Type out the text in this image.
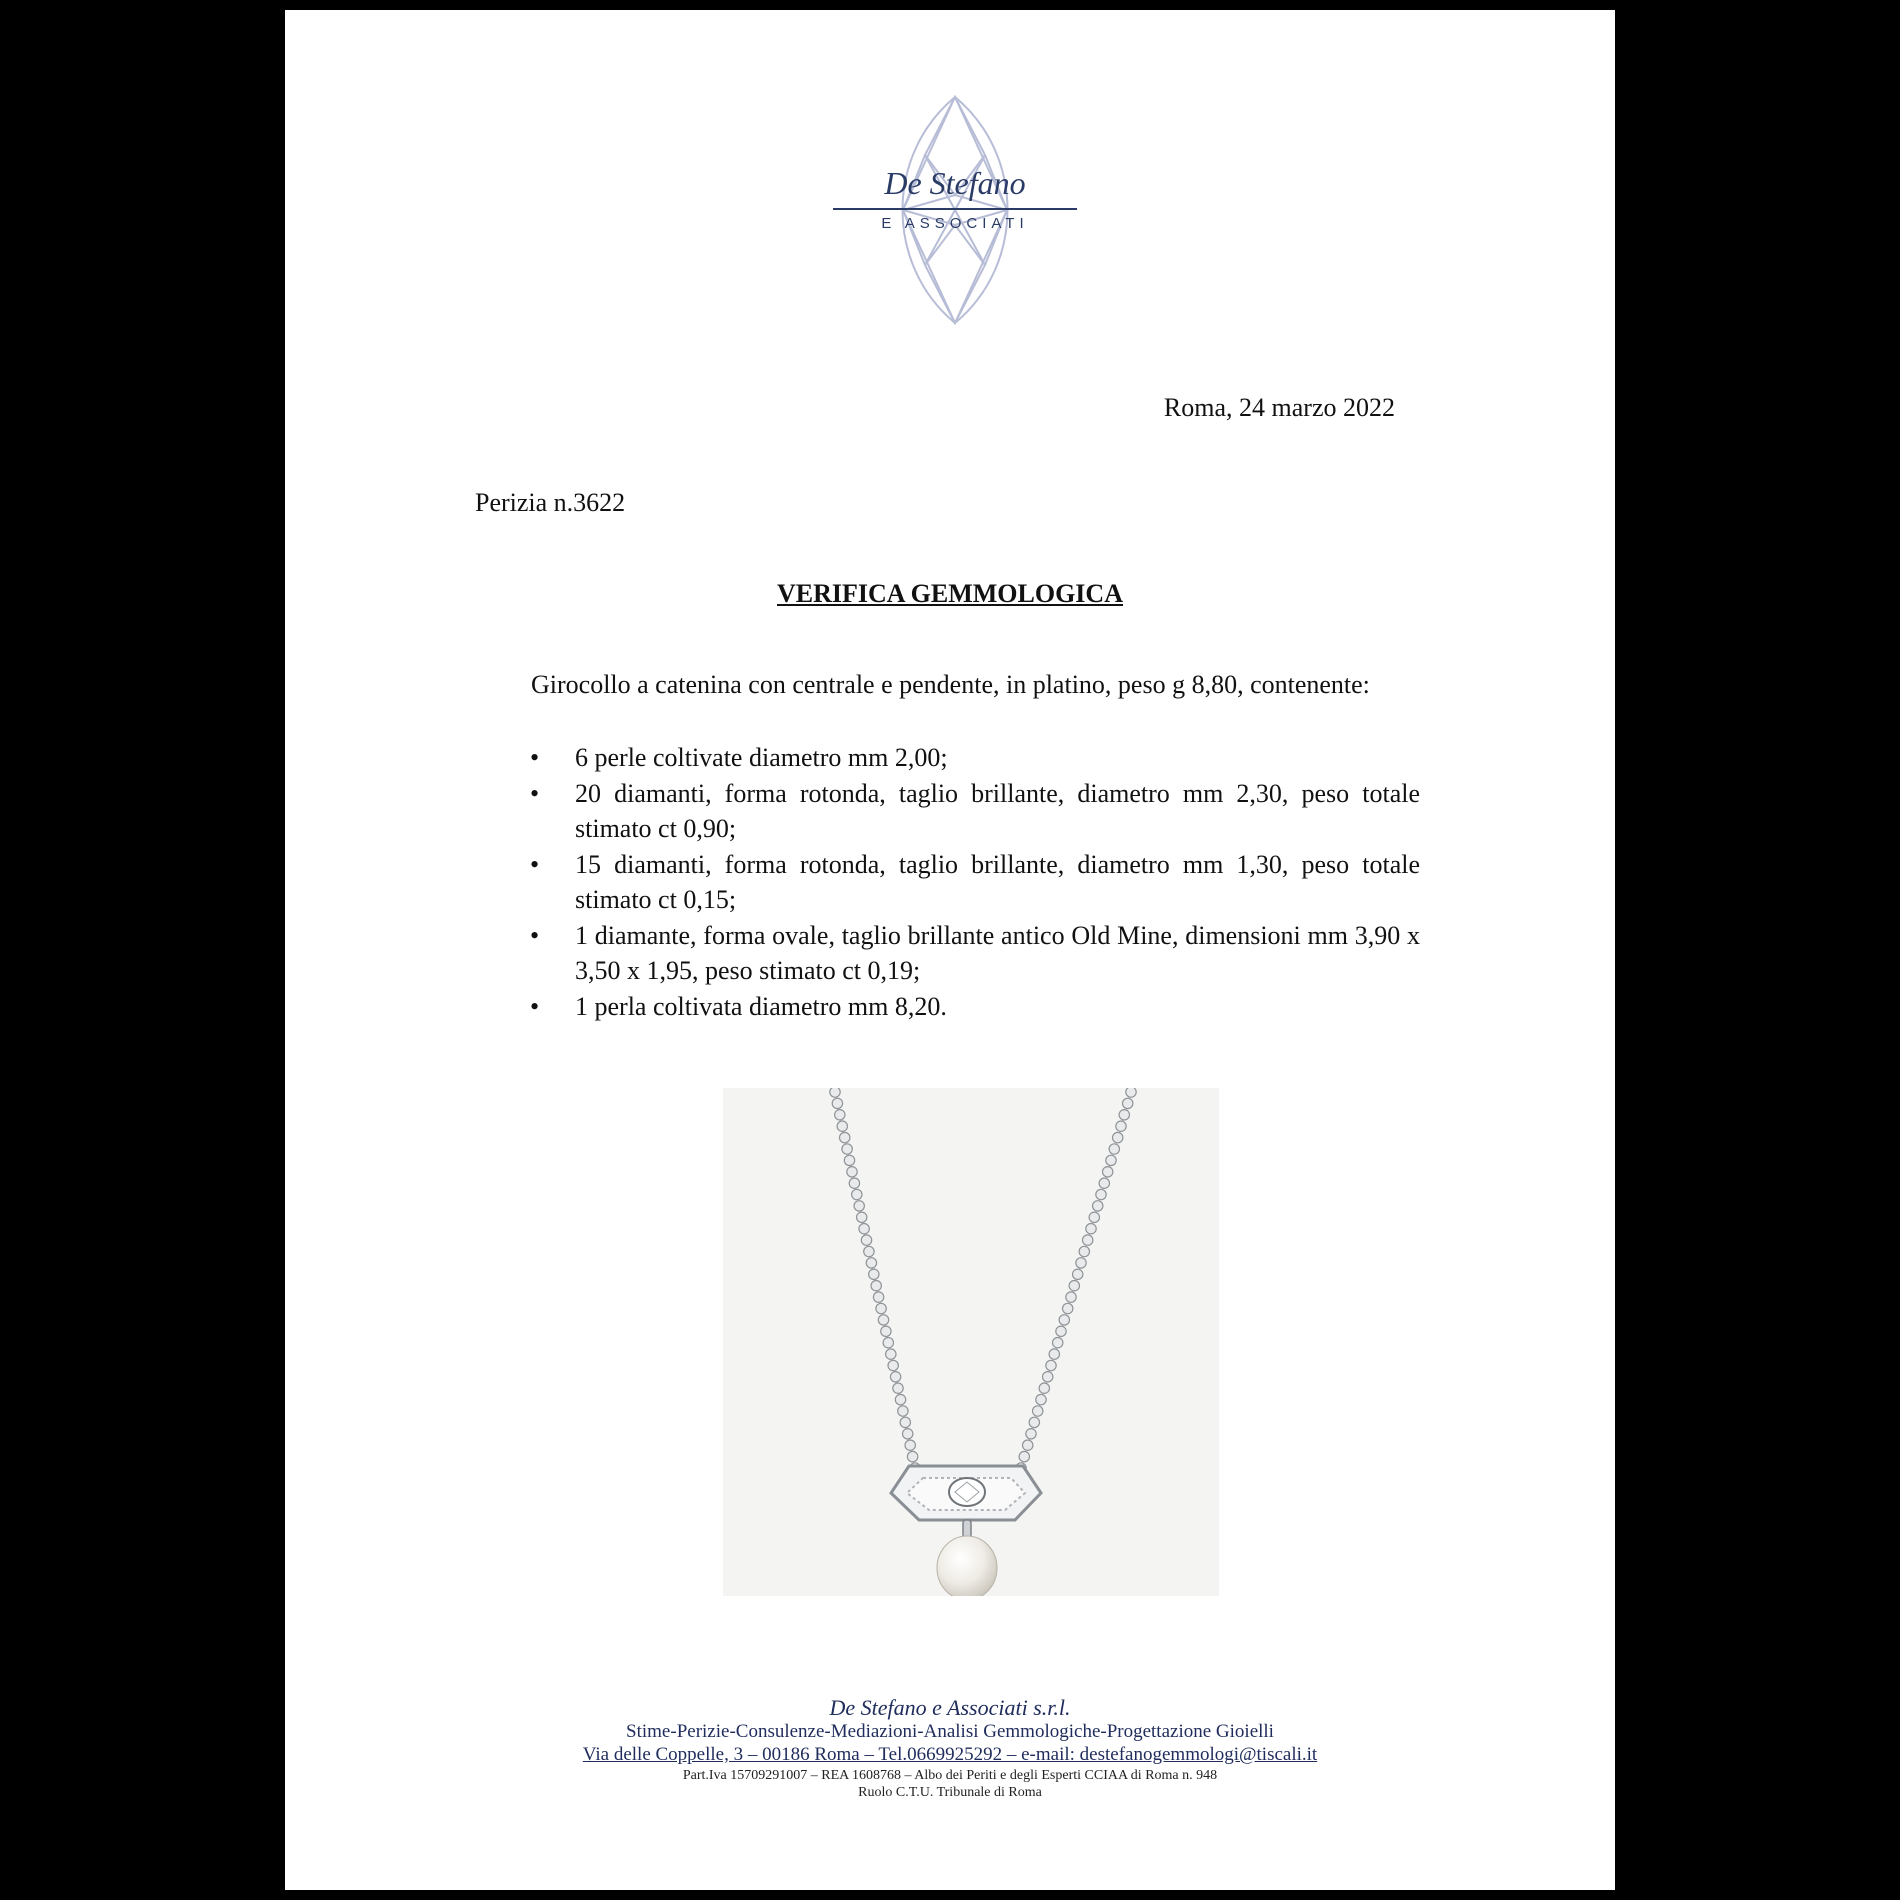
De Stefano
E ASSOCIATI
Roma, 24 marzo 2022
Perizia n.3622
VERIFICA GEMMOLOGICA
Girocollo a catenina con centrale e pendente, in platino, peso g 8,80, contenente:
• 6 perle coltivate diametro mm 2,00;
• 20 diamanti, forma rotonda, taglio brillante, diametro mm 2,30, peso totale stimato ct 0,90;
• 15 diamanti, forma rotonda, taglio brillante, diametro mm 1,30, peso totale stimato ct 0,15;
• 1 diamante, forma ovale, taglio brillante antico Old Mine, dimensioni mm 3,90 x 3,50 x 1,95, peso stimato ct 0,19;
• 1 perla coltivata diametro mm 8,20.
De Stefano e Associati s.r.l.
Stime-Perizie-Consulenze-Mediazioni-Analisi Gemmologiche-Progettazione Gioielli
Via delle Coppelle, 3 – 00186 Roma – Tel.0669925292 – e-mail: destefanogemmologi@tiscali.it
Part.Iva 15709291007 – REA 1608768 – Albo dei Periti e degli Esperti CCIAA di Roma n. 948
Ruolo C.T.U. Tribunale di Roma
